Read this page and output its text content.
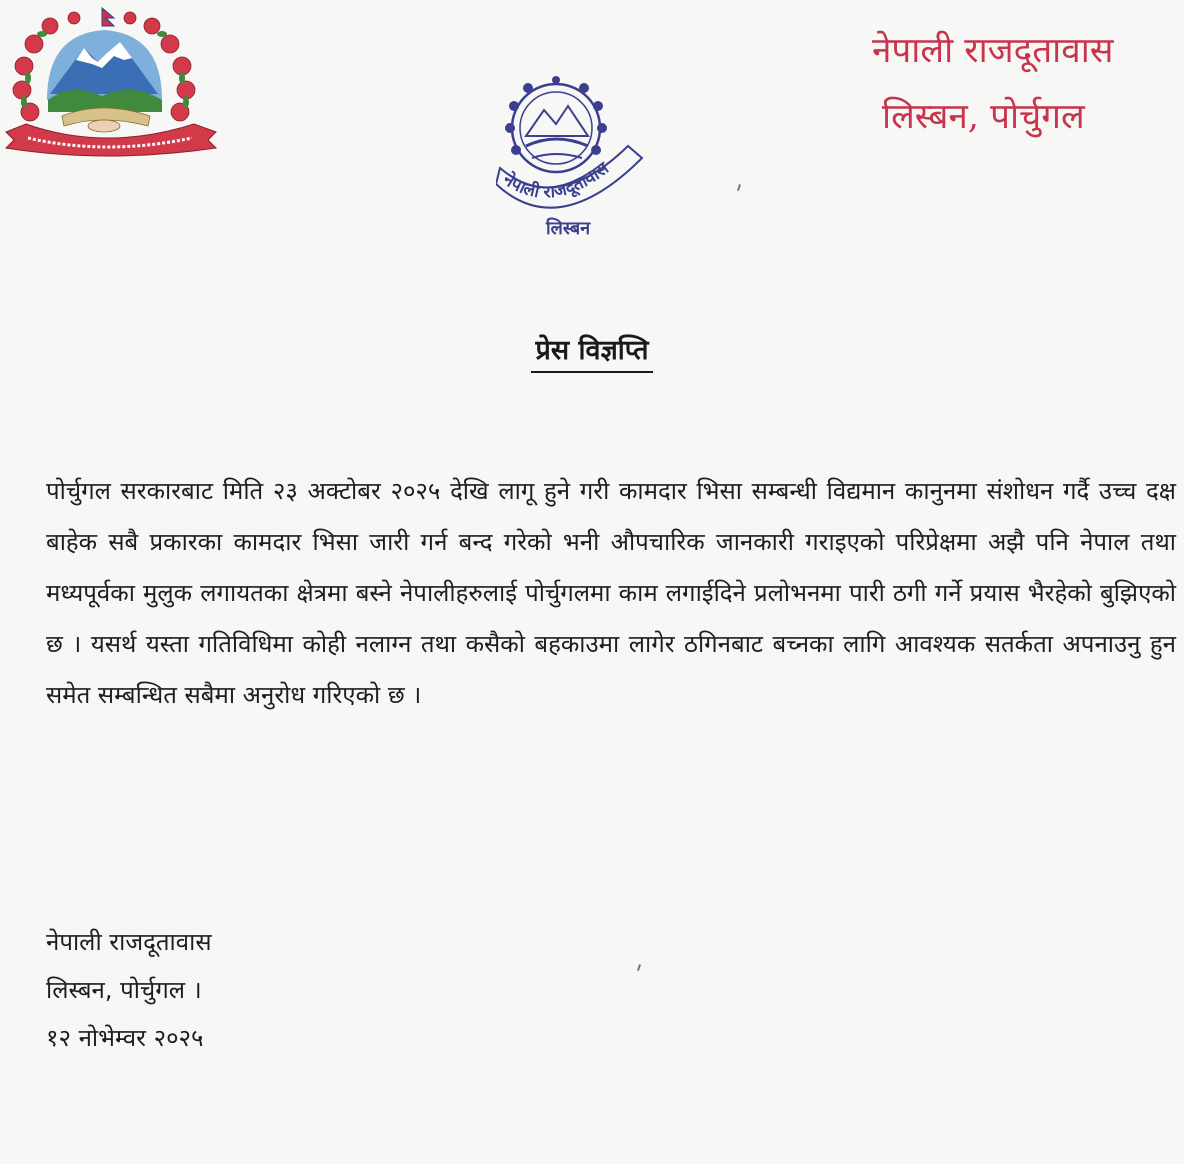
नेपाली राजदूतावास
लिस्बन
नेपाली राजदूतावास
लिस्बन, पोर्चुगल
प्रेस विज्ञप्ति
पोर्चुगल सरकारबाट मिति २३ अक्टोबर २०२५ देखि लागू हुने गरी कामदार भिसा सम्बन्धी विद्यमान कानुनमा संशोधन गर्दै उच्च दक्ष बाहेक सबै प्रकारका कामदार भिसा जारी गर्न बन्द गरेको भनी औपचारिक जानकारी गराइएको परिप्रेक्षमा अझै पनि नेपाल तथा मध्यपूर्वका मुलुक लगायतका क्षेत्रमा बस्ने नेपालीहरुलाई पोर्चुगलमा काम लगाईदिने प्रलोभनमा पारी ठगी गर्ने प्रयास भैरहेको बुझिएको छ । यसर्थ यस्ता गतिविधिमा कोही नलाग्न तथा कसैको बहकाउमा लागेर ठगिनबाट बच्नका लागि आवश्यक सतर्कता अपनाउनु हुन समेत सम्बन्धित सबैमा अनुरोध गरिएको छ ।
नेपाली राजदूतावास
लिस्बन, पोर्चुगल ।
१२ नोभेम्वर २०२५
